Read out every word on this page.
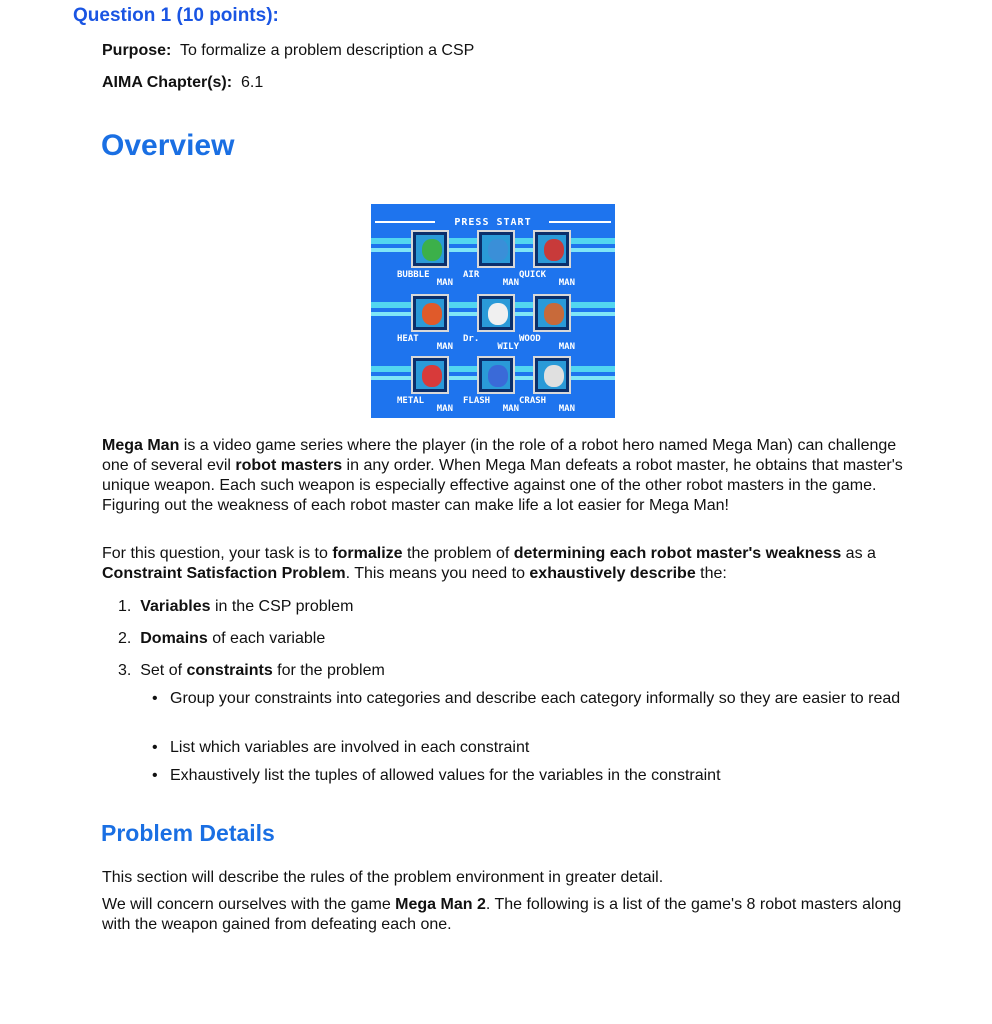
Question 1 (10 points):

Purpose: To formalize a problem description a CSP

AIMA Chapter(s): 6.1

Overview
PRESS START
BUBBLE
MAN
AIR
MAN
QUICK
MAN
HEAT
MAN
Dr.
WILY
WOOD
MAN
METAL
MAN
FLASH
MAN
CRASH
MAN

Mega Man is a video game series where the player (in the role of a robot hero named Mega Man) can challenge one of several evil robot masters in any order. When Mega Man defeats a robot master, he obtains that master's unique weapon. Each such weapon is especially effective against one of the other robot masters in the game. Figuring out the weakness of each robot master can make life a lot easier for Mega Man!

For this question, your task is to formalize the problem of determining each robot master's weakness as a Constraint Satisfaction Problem. This means you need to exhaustively describe the:

1. Variables in the CSP problem

2. Domains of each variable

3. Set of constraints for the problem

• Group your constraints into categories and describe each category informally so they are easier to read

• List which variables are involved in each constraint

• Exhaustively list the tuples of allowed values for the variables in the constraint

Problem Details

This section will describe the rules of the problem environment in greater detail.

We will concern ourselves with the game Mega Man 2. The following is a list of the game's 8 robot masters along with the weapon gained from defeating each one.
